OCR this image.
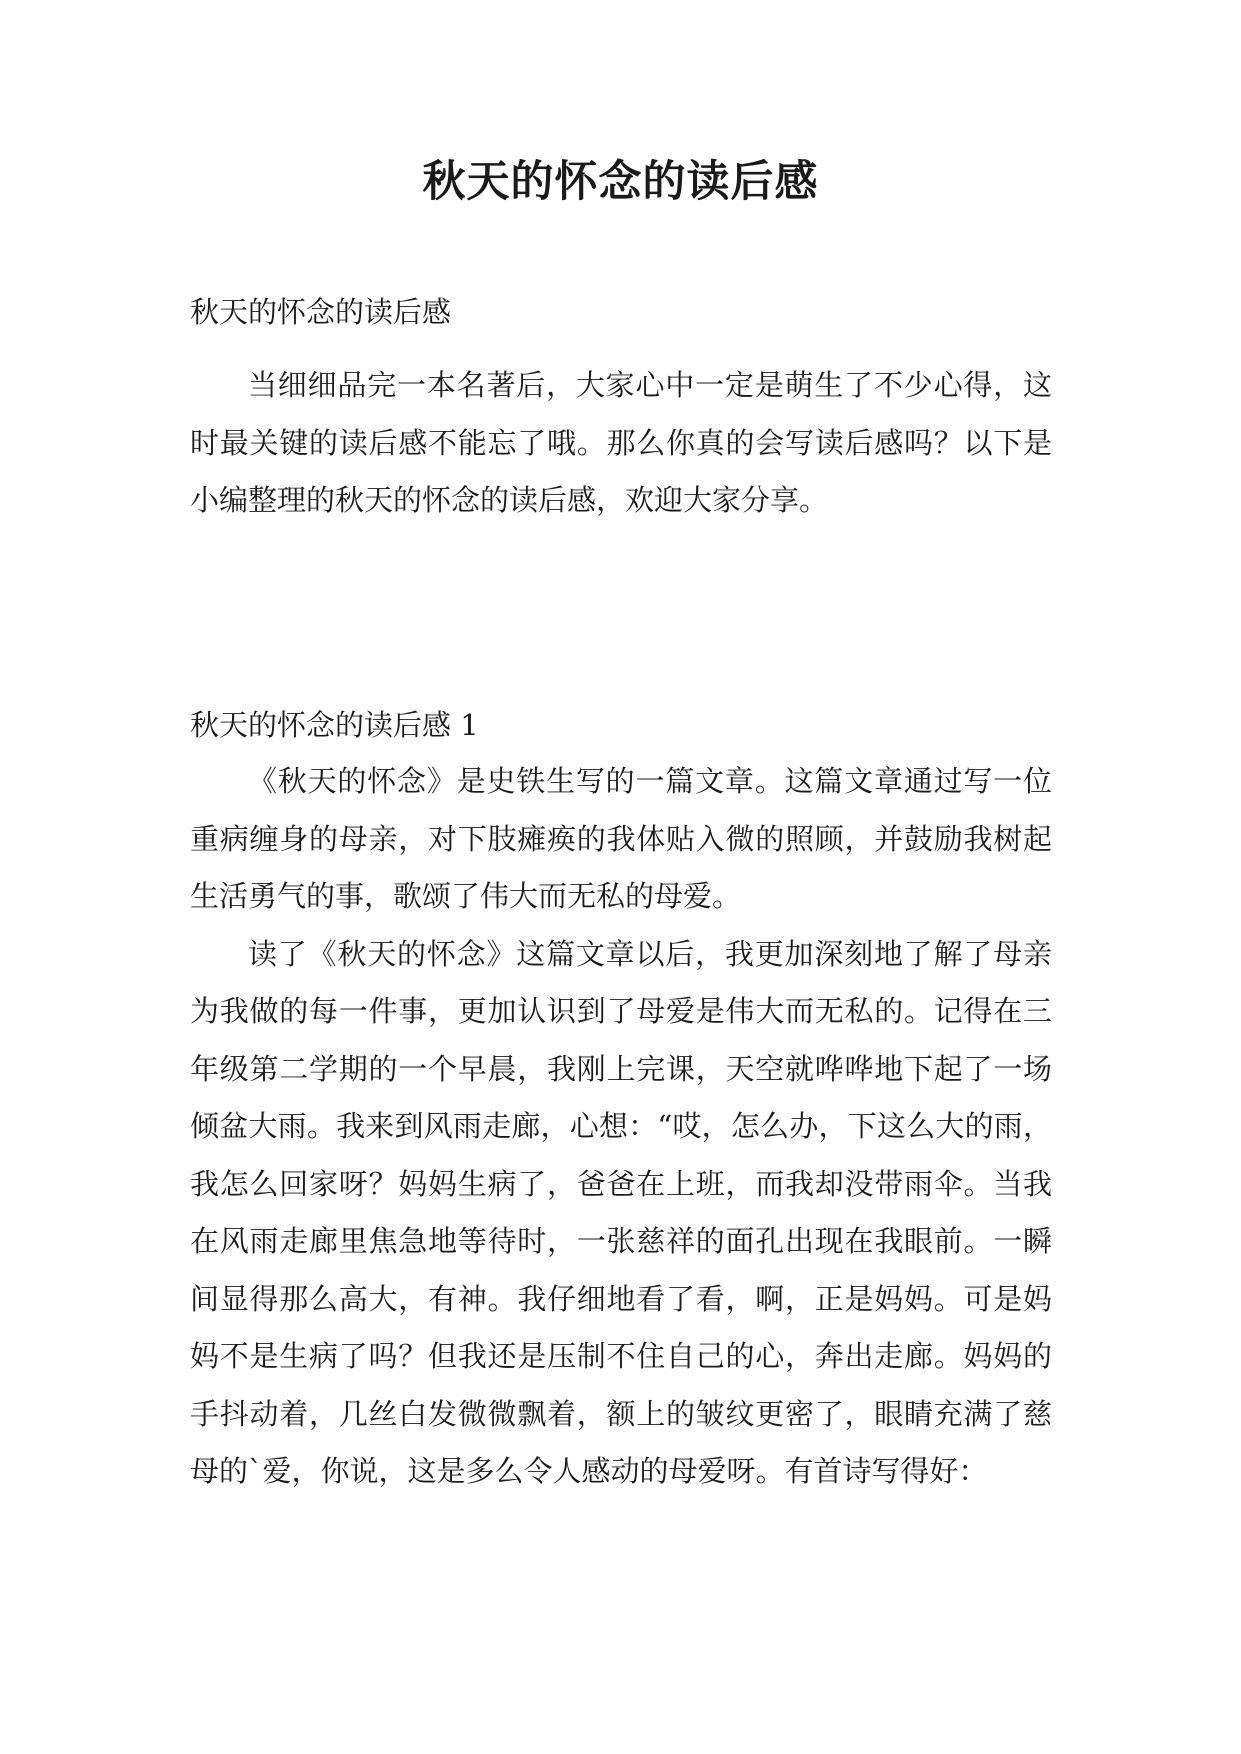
秋天的怀念的读后感

秋天的怀念的读后感

当细细品完一本名著后，大家心中一定是萌生了不少心得，这时最关键的读后感不能忘了哦。那么你真的会写读后感吗？以下是小编整理的秋天的怀念的读后感，欢迎大家分享。

秋天的怀念的读后感 1

《秋天的怀念》是史铁生写的一篇文章。这篇文章通过写一位重病缠身的母亲，对下肢瘫痪的我体贴入微的照顾，并鼓励我树起生活勇气的事，歌颂了伟大而无私的母爱。

读了《秋天的怀念》这篇文章以后，我更加深刻地了解了母亲为我做的每一件事，更加认识到了母爱是伟大而无私的。记得在三年级第二学期的一个早晨，我刚上完课，天空就哗哗地下起了一场倾盆大雨。我来到风雨走廊，心想：“哎，怎么办，下这么大的雨，我怎么回家呀？妈妈生病了，爸爸在上班，而我却没带雨伞。当我在风雨走廊里焦急地等待时，一张慈祥的面孔出现在我眼前。一瞬间显得那么高大，有神。我仔细地看了看，啊，正是妈妈。可是妈妈不是生病了吗？但我还是压制不住自己的心，奔出走廊。妈妈的手抖动着，几丝白发微微飘着，额上的皱纹更密了，眼睛充满了慈母的`爱，你说，这是多么令人感动的母爱呀。有首诗写得好：
